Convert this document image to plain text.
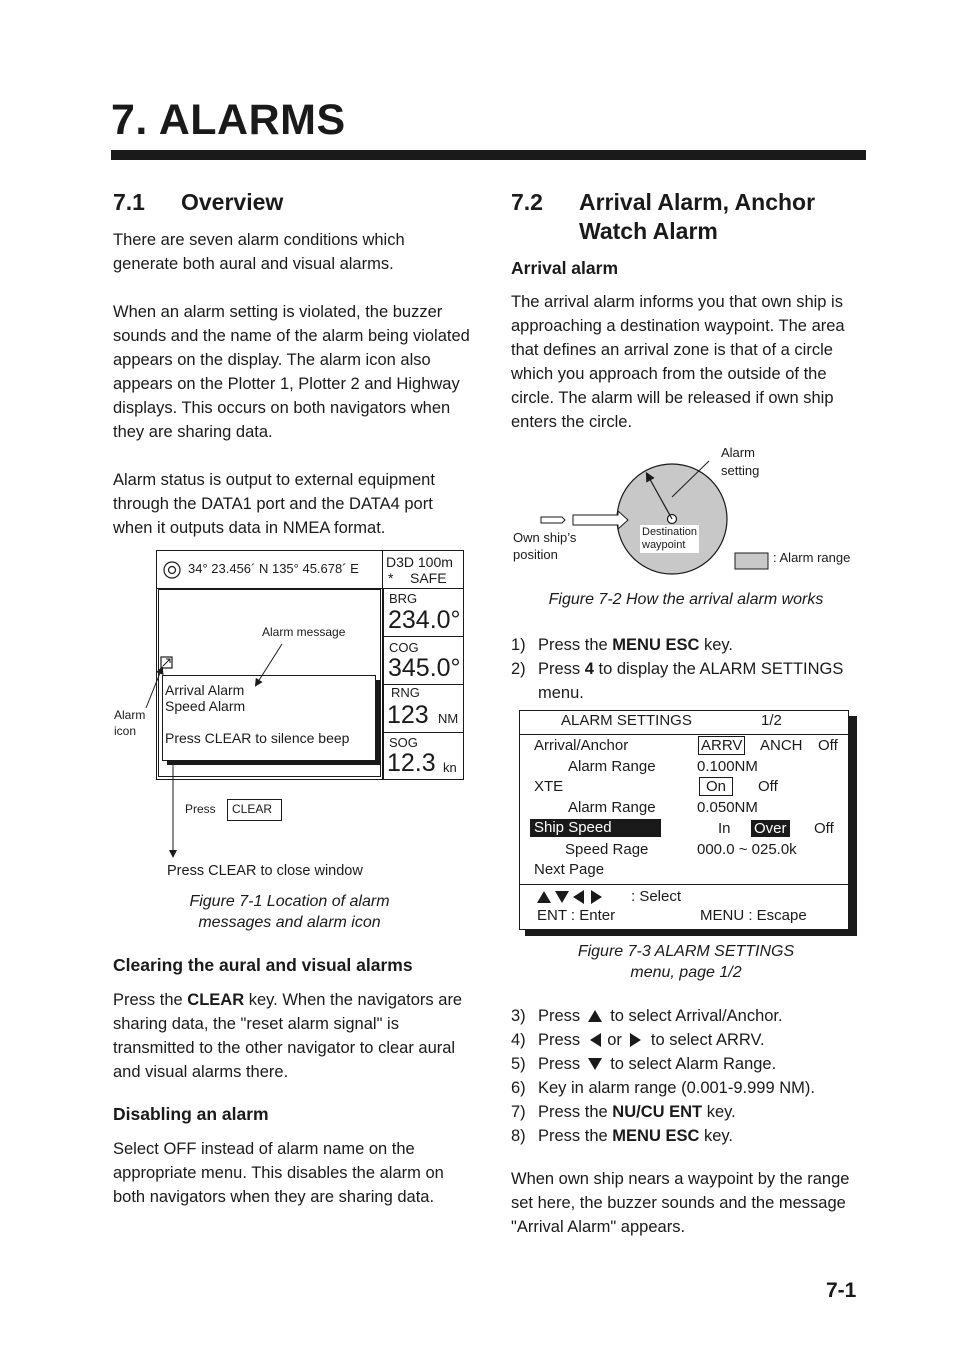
7. ALARMS
7.1 Overview
There are seven alarm conditions which generate both aural and visual alarms.
When an alarm setting is violated, the buzzer sounds and the name of the alarm being violated appears on the display. The alarm icon also appears on the Plotter 1, Plotter 2 and Highway displays. This occurs on both navigators when they are sharing data.
Alarm status is output to external equipment through the DATA1 port and the DATA4 port when it outputs data in NMEA format.
34° 23.456´ N 135° 45.678´ E D3D 100m
* SAFE
BRG
234.0°
COG
345.0°
RNG
123 NM
SOG
12.3 kn
Arrival Alarm
Speed Alarm
Press CLEAR to silence beep
Alarm message
Alarm
icon
Press	CLEAR
Press CLEAR to close window
Figure 7-1 Location of alarm
messages and alarm icon
Clearing the aural and visual alarms
Press the CLEAR key. When the navigators are sharing data, the "reset alarm signal" is transmitted to the other navigator to clear aural and visual alarms there.
Disabling an alarm
Select OFF instead of alarm name on the appropriate menu. This disables the alarm on both navigators when they are sharing data.
7.2 Arrival Alarm, Anchor
Watch Alarm
Arrival alarm
The arrival alarm informs you that own ship is approaching a destination waypoint. The area that defines an arrival zone is that of a circle which you approach from the outside of the circle. The alarm will be released if own ship enters the circle.
Alarm
setting
Own ship’s
position
Destination
waypoint
: Alarm range
Figure 7-2 How the arrival alarm works
1) Press the MENU ESC key.
2) Press 4 to display the ALARM SETTINGS menu.
ALARM SETTINGS	1/2
Arrival/Anchor	ARRV ANCH Off
Alarm Range	0.100NM
XTE	On	Off
Alarm Range	0.050NM
Ship Speed	In Over Off
Speed Rage	000.0 ~ 025.0k
Next Page
: Select
ENT : Enter	MENU : Escape
Figure 7-3 ALARM SETTINGS
menu, page 1/2
3) Press to select Arrival/Anchor.
4) Press or to select ARRV.
5) Press to select Alarm Range.
6) Key in alarm range (0.001-9.999 NM).
7) Press the NU/CU ENT key.
8) Press the MENU ESC key.
When own ship nears a waypoint by the range set here, the buzzer sounds and the message "Arrival Alarm" appears.
7-1
